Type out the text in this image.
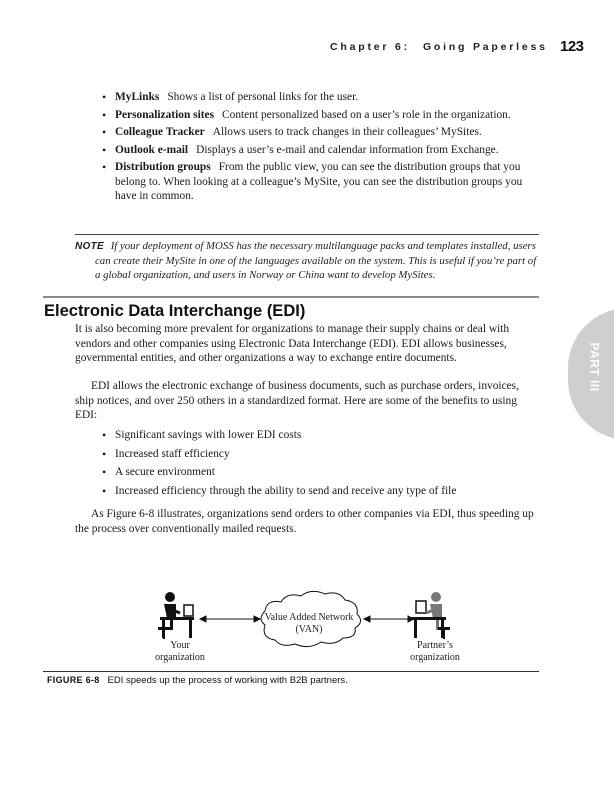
Chapter 6: Going Paperless 123
• MyLinks Shows a list of personal links for the user.
• Personalization sites Content personalized based on a user’s role in the organization.
• Colleague Tracker Allows users to track changes in their colleagues’ MySites.
• Outlook e-mail Displays a user’s e-mail and calendar information from Exchange.
• Distribution groups From the public view, you can see the distribution groups that you belong to. When looking at a colleague’s MySite, you can see the distribution groups you have in common.
NOTE If your deployment of MOSS has the necessary multilanguage packs and templates installed, users can create their MySite in one of the languages available on the system. This is useful if you’re part of a global organization, and users in Norway or China want to develop MySites.
Electronic Data Interchange (EDI)

It is also becoming more prevalent for organizations to manage their supply chains or deal with vendors and other companies using Electronic Data Interchange (EDI). EDI allows businesses, governmental entities, and other organizations a way to exchange entire documents.

EDI allows the electronic exchange of business documents, such as purchase orders, invoices, ship notices, and over 250 others in a standardized format. Here are some of the benefits to using EDI:

• Significant savings with lower EDI costs
• Increased staff efficiency
• A secure environment
• Increased efficiency through the ability to send and receive any type of file

As Figure 6-8 illustrates, organizations send orders to other companies via EDI, thus speeding up the process over conventionally mailed requests.

PART III
Value Added Network
(VAN)
Your
organization
Partner’s
organization
FIGURE 6-8 EDI speeds up the process of working with B2B partners.
